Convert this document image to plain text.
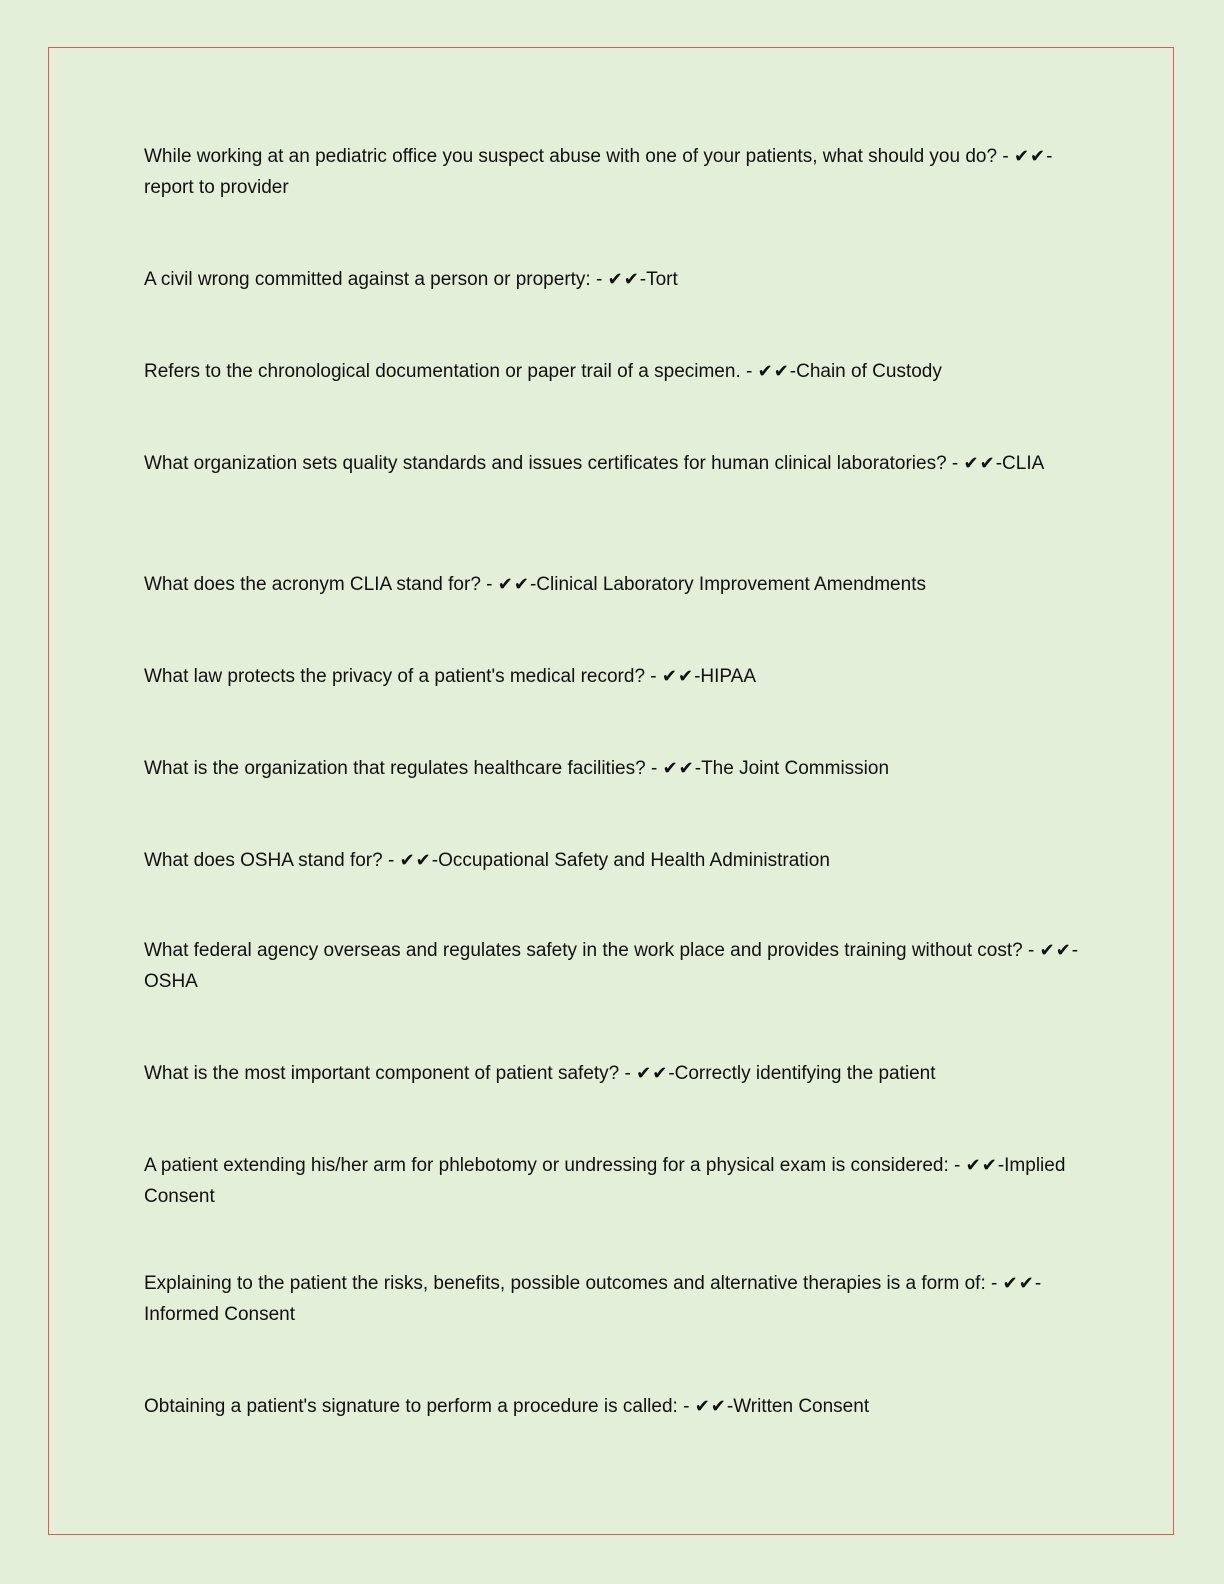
While working at an pediatric office you suspect abuse with one of your patients, what should you do? - ✔✔-report to provider
A civil wrong committed against a person or property: - ✔✔-Tort
Refers to the chronological documentation or paper trail of a specimen. - ✔✔-Chain of Custody
What organization sets quality standards and issues certificates for human clinical laboratories? - ✔✔-CLIA
What does the acronym CLIA stand for? - ✔✔-Clinical Laboratory Improvement Amendments
What law protects the privacy of a patient's medical record? - ✔✔-HIPAA
What is the organization that regulates healthcare facilities? - ✔✔-The Joint Commission
What does OSHA stand for? - ✔✔-Occupational Safety and Health Administration
What federal agency overseas and regulates safety in the work place and provides training without cost? - ✔✔-OSHA
What is the most important component of patient safety? - ✔✔-Correctly identifying the patient
A patient extending his/her arm for phlebotomy or undressing for a physical exam is considered: - ✔✔-Implied Consent
Explaining to the patient the risks, benefits, possible outcomes and alternative therapies is a form of: - ✔✔-Informed Consent
Obtaining a patient's signature to perform a procedure is called: - ✔✔-Written Consent
